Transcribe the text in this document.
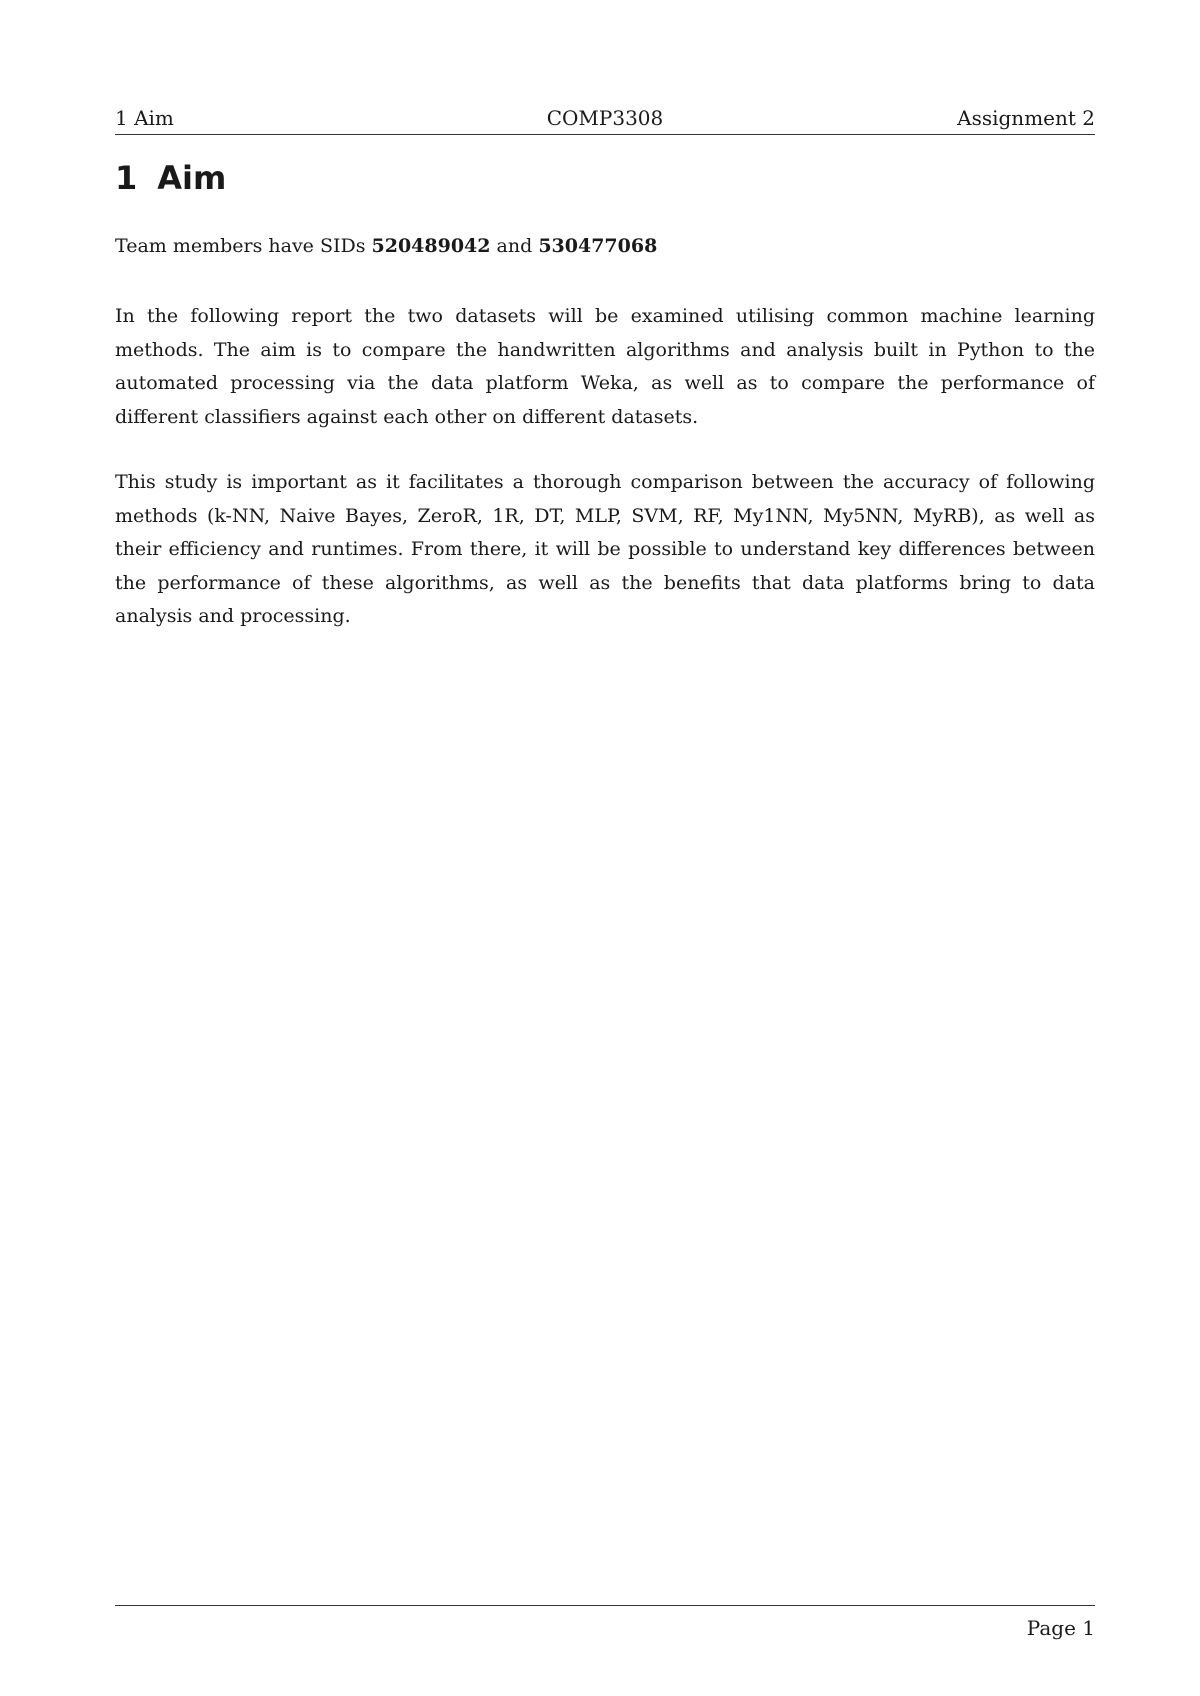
1 Aim	COMP3308	Assignment 2
1 Aim

Team members have SIDs 520489042 and 530477068

In the following report the two datasets will be examined utilising common machine learning methods. The aim is to compare the handwritten algorithms and analysis built in Python to the automated processing via the data platform Weka, as well as to compare the performance of different classifiers against each other on different datasets.

This study is important as it facilitates a thorough comparison between the accuracy of following methods (k-NN, Naive Bayes, ZeroR, 1R, DT, MLP, SVM, RF, My1NN, My5NN, MyRB), as well as their efficiency and runtimes. From there, it will be possible to understand key differences between the performance of these algorithms, as well as the benefits that data platforms bring to data analysis and processing.

Page 1
